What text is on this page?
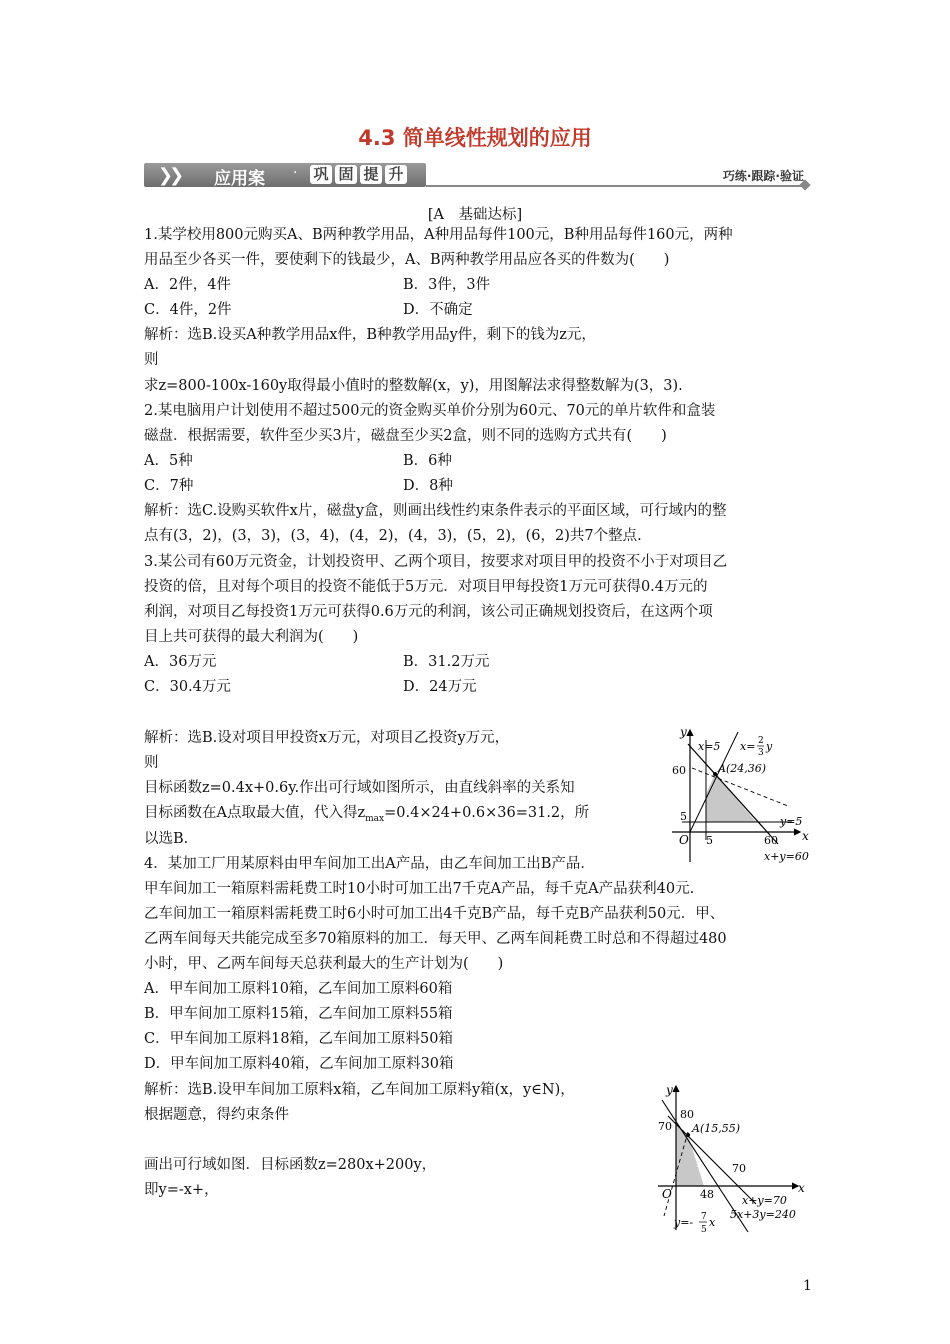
4.3 简单线性规划的应用
❯❯ 应用案 · 巩 固 提 升	巧练·跟踪·验证
[A　基础达标]
1.某学校用800元购买A、B两种教学用品，A种用品每件100元，B种用品每件160元，两种
用品至少各买一件，要使剩下的钱最少，A、B两种教学用品应各买的件数为(　　)
A．2件，4件	B．3件，3件
C．4件，2件	D．不确定
解析：选B.设买A种教学用品x件，B种教学用品y件，剩下的钱为z元，
则
求z=800-100x-160y取得最小值时的整数解(x，y)，用图解法求得整数解为(3，3).
2.某电脑用户计划使用不超过500元的资金购买单价分别为60元、70元的单片软件和盒装
磁盘．根据需要，软件至少买3片，磁盘至少买2盒，则不同的选购方式共有(　　)
A．5种	B．6种
C．7种	D．8种
解析：选C.设购买软件x片，磁盘y盒，则画出线性约束条件表示的平面区域，可行域内的整
点有(3，2)，(3，3)，(3，4)，(4，2)，(4，3)，(5，2)，(6，2)共7个整点.
3.某公司有60万元资金，计划投资甲、乙两个项目，按要求对项目甲的投资不小于对项目乙
投资的倍，且对每个项目的投资不能低于5万元．对项目甲每投资1万元可获得0.4万元的
利润，对项目乙每投资1万元可获得0.6万元的利润，该公司正确规划投资后，在这两个项
目上共可获得的最大利润为(　　)
A．36万元	B．31.2万元
C．30.4万元	D．24万元
解析：选B.设对项目甲投资x万元，对项目乙投资y万元，
则
目标函数z=0.4x+0.6y.作出可行域如图所示，由直线斜率的关系知
目标函数在A点取最大值，代入得$z_{max}=0.4\times 24+0.6\times 36=31.2$，所
以选B.
y
x
O
x=5 x= 2
3 y
A(24,36)
60
5
5	60
y=5
x+y=60
4．某加工厂用某原料由甲车间加工出A产品，由乙车间加工出B产品．
甲车间加工一箱原料需耗费工时10小时可加工出7千克A产品，每千克A产品获利40元.
乙车间加工一箱原料需耗费工时6小时可加工出4千克B产品，每千克B产品获利50元．甲、
乙两车间每天共能完成至多70箱原料的加工．每天甲、乙两车间耗费工时总和不得超过480
小时，甲、乙两车间每天总获利最大的生产计划为(　　)
A．甲车间加工原料10箱，乙车间加工原料60箱
B．甲车间加工原料15箱，乙车间加工原料55箱
C．甲车间加工原料18箱，乙车间加工原料50箱
D．甲车间加工原料40箱，乙车间加工原料30箱
解析：选B.设甲车间加工原料x箱，乙车间加工原料y箱(x，y∈N)，
根据题意，得约束条件
画出可行域如图．目标函数z=280x+200y，
即y=-x+，
y
x
O
80
70 A(15,55)
70
48	x+y=70
5x+3y=240
y=- 7
5
x
1
